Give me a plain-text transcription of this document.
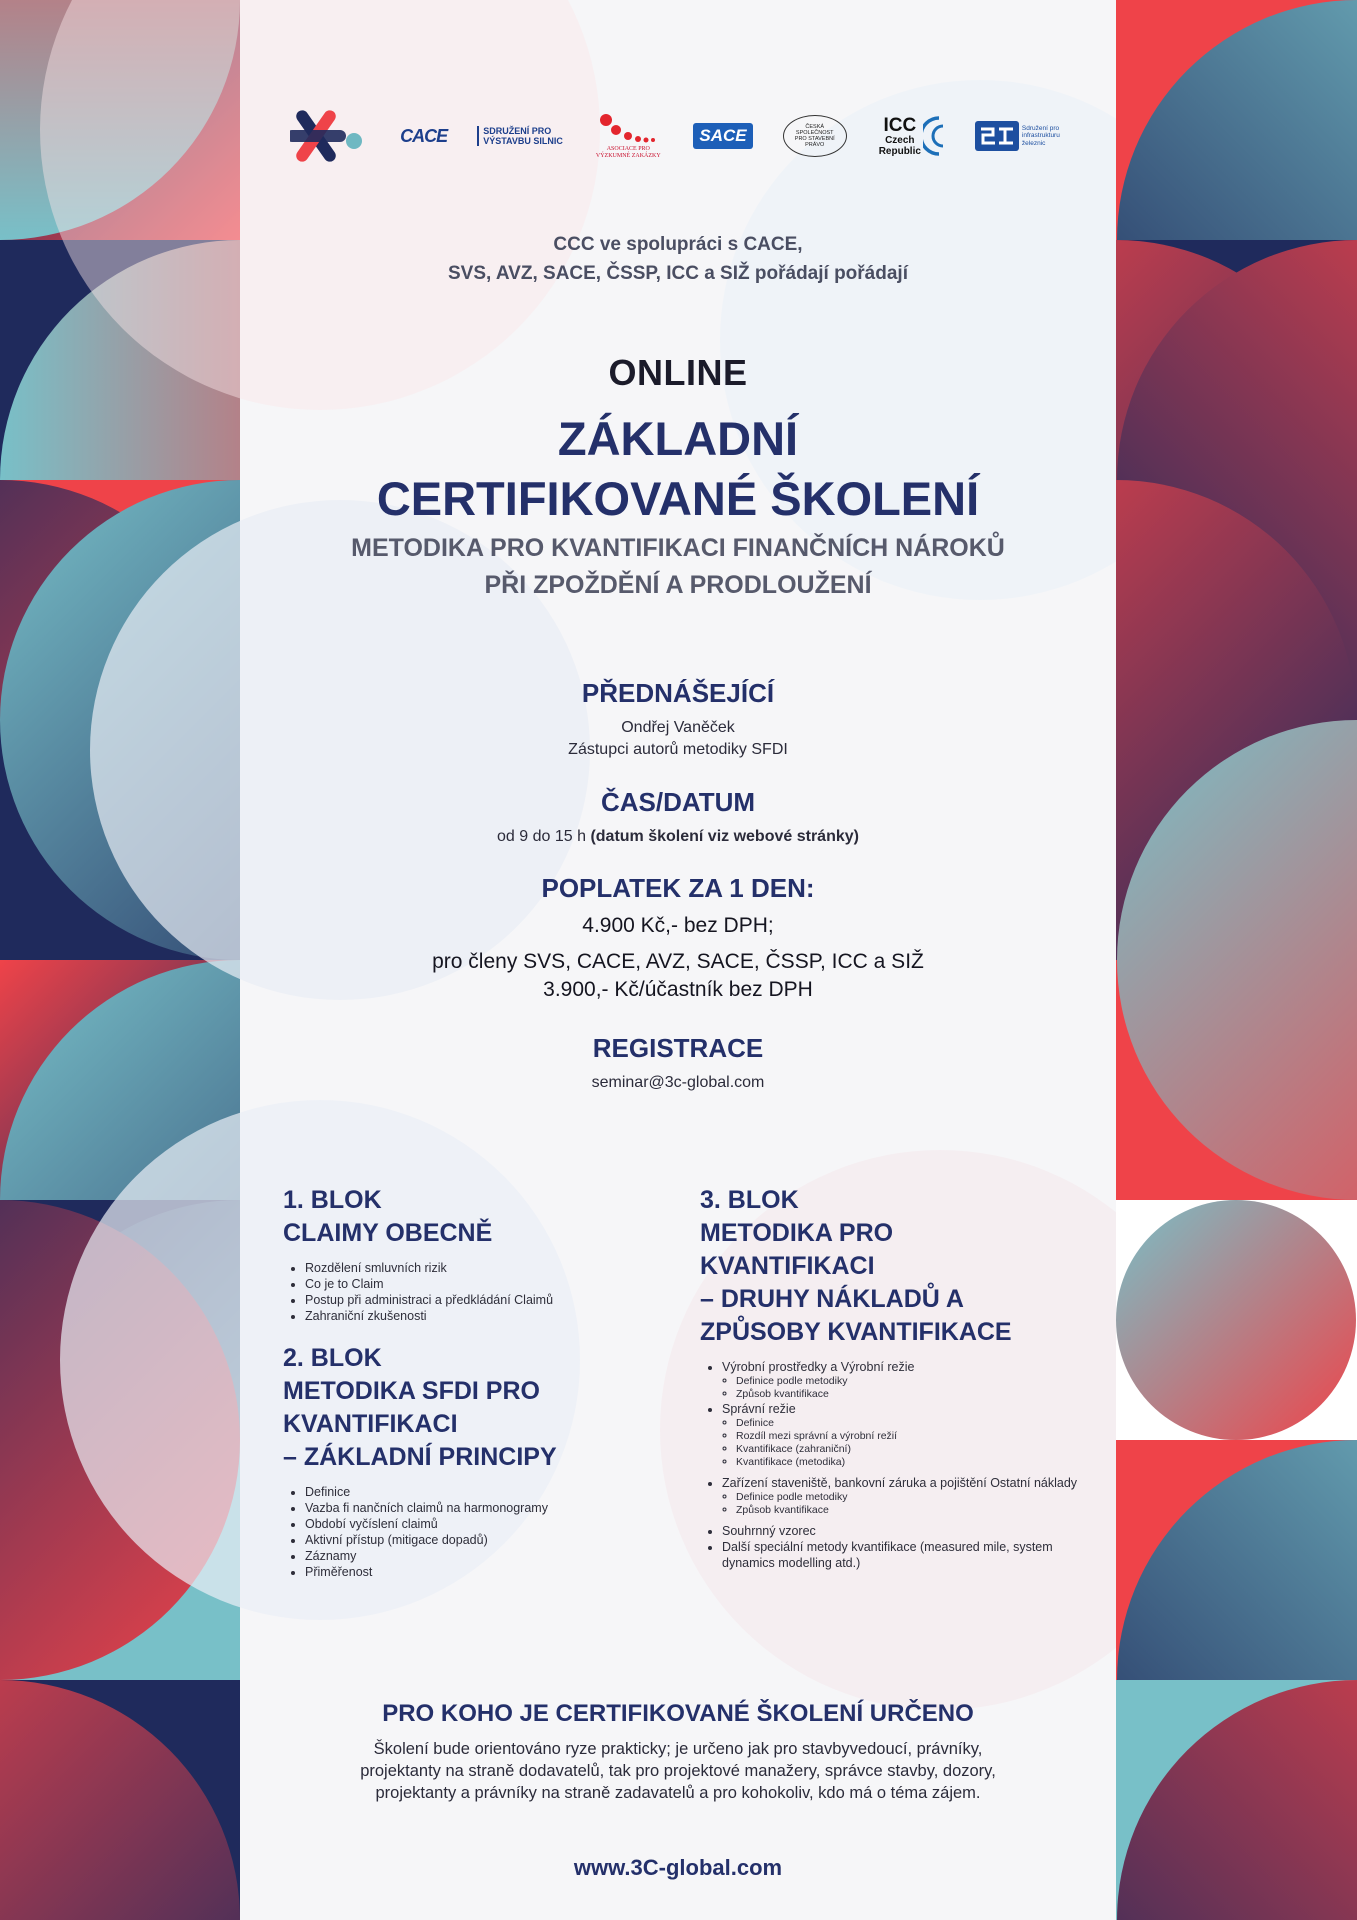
CACE	SDRUŽENÍ PRO VÝSTAVBU SILNIC
ASOCIACE PRO VÝZKUMNÉ ZAKÁZKY
SACE	ČESKÁ SPOLEČNOST PRO STAVEBNÍ PRÁVO
ICC
Czech Republic
Sdružení pro infrastrukturu železnic
CCC ve spolupráci s CACE,
SVS, AVZ, SACE, ČSSP, ICC a SIŽ pořádají pořádají
ONLINE
ZÁKLADNÍ
CERTIFIKOVANÉ ŠKOLENÍ
METODIKA PRO KVANTIFIKACI FINANČNÍCH NÁROKŮ
PŘI ZPOŽDĚNÍ A PRODLOUŽENÍ
PŘEDNÁŠEJÍCÍ
Ondřej Vaněček
Zástupci autorů metodiky SFDI
ČAS/DATUM
od 9 do 15 h (datum školení viz webové stránky)
POPLATEK ZA 1 DEN:
4.900 Kč,- bez DPH;
pro členy SVS, CACE, AVZ, SACE, ČSSP, ICC a SIŽ
3.900,- Kč/účastník bez DPH
REGISTRACE
seminar@3c-global.com
1. BLOK
CLAIMY OBECNĚ
• Rozdělení smluvních rizik
• Co je to Claim
• Postup při administraci a předkládání Claimů
• Zahraniční zkušenosti
2. BLOK
METODIKA SFDI PRO
KVANTIFIKACI
– ZÁKLADNÍ PRINCIPY
• Definice
• Vazba fi nančních claimů na harmonogramy
• Období vyčíslení claimů
• Aktivní přístup (mitigace dopadů)
• Záznamy
• Přiměřenost
3. BLOK
METODIKA PRO
KVANTIFIKACI
– DRUHY NÁKLADŮ A
ZPŮSOBY KVANTIFIKACE
• Výrobní prostředky a Výrobní režie
◦ Definice podle metodiky
◦ Způsob kvantifikace
• Správní režie
◦ Definice
◦ Rozdíl mezi správní a výrobní režií
◦ Kvantifikace (zahraniční)
◦ Kvantifikace (metodika)
• Zařízení staveniště, bankovní záruka a pojištění Ostatní náklady
◦ Definice podle metodiky
◦ Způsob kvantifikace
• Souhrnný vzorec
• Další speciální metody kvantifikace (measured mile, system dynamics modelling atd.)
PRO KOHO JE CERTIFIKOVANÉ ŠKOLENÍ URČENO
Školení bude orientováno ryze prakticky; je určeno jak pro stavbyvedoucí, právníky,
projektanty na straně dodavatelů, tak pro projektové manažery, správce stavby, dozory,
projektanty a právníky na straně zadavatelů a pro kohokoliv, kdo má o téma zájem.
www.3C-global.com
